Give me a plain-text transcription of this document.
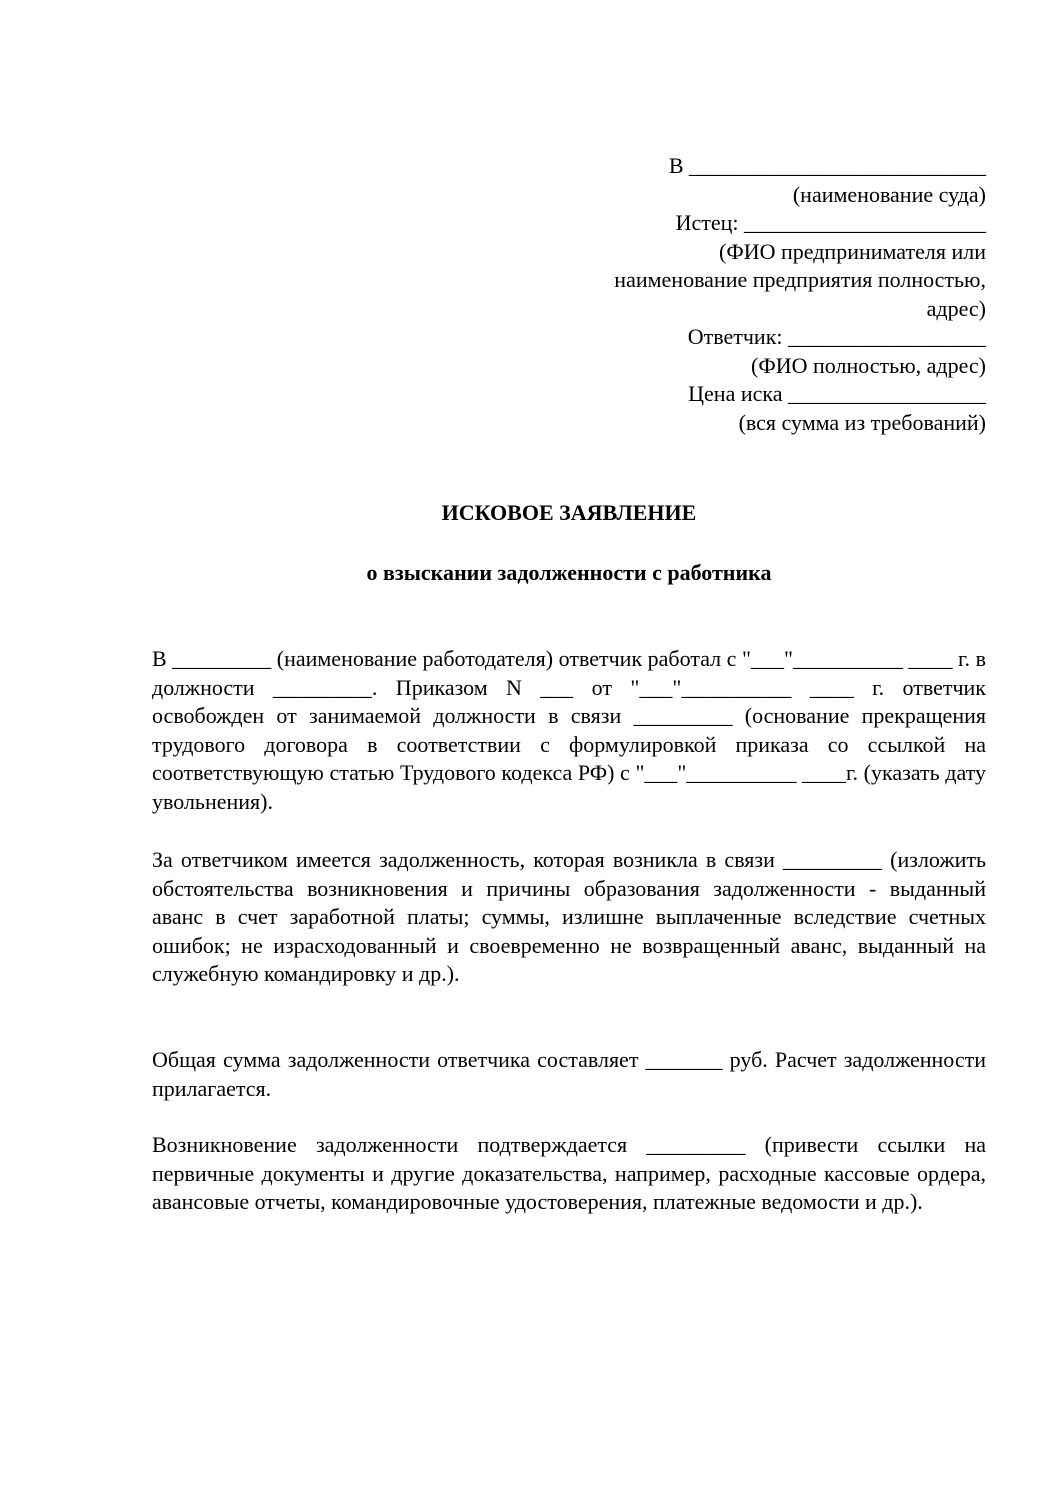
В ___________________________
(наименование суда)
Истец: ______________________
(ФИО предпринимателя или
наименование предприятия полностью,
адрес)
Ответчик: __________________
(ФИО полностью, адрес)
Цена иска __________________
(вся сумма из требований)
ИСКОВОЕ ЗАЯВЛЕНИЕ
о взыскании задолженности с работника
В _________ (наименование работодателя) ответчик работал с "___"__________ ____ г. в должности _________. Приказом N ___ от "___"__________ ____ г. ответчик освобожден от занимаемой должности в связи _________ (основание прекращения трудового договора в соответствии с формулировкой приказа со ссылкой на соответствующую статью Трудового кодекса РФ) с "___"__________ ____г. (указать дату увольнения).
За ответчиком имеется задолженность, которая возникла в связи _________ (изложить обстоятельства возникновения и причины образования задолженности - выданный аванс в счет заработной платы; суммы, излишне выплаченные вследствие счетных ошибок; не израсходованный и своевременно не возвращенный аванс, выданный на служебную командировку и др.).
Общая сумма задолженности ответчика составляет _______ руб. Расчет задолженности прилагается.
Возникновение задолженности подтверждается _________ (привести ссылки на первичные документы и другие доказательства, например, расходные кассовые ордера, авансовые отчеты, командировочные удостоверения, платежные ведомости и др.).
